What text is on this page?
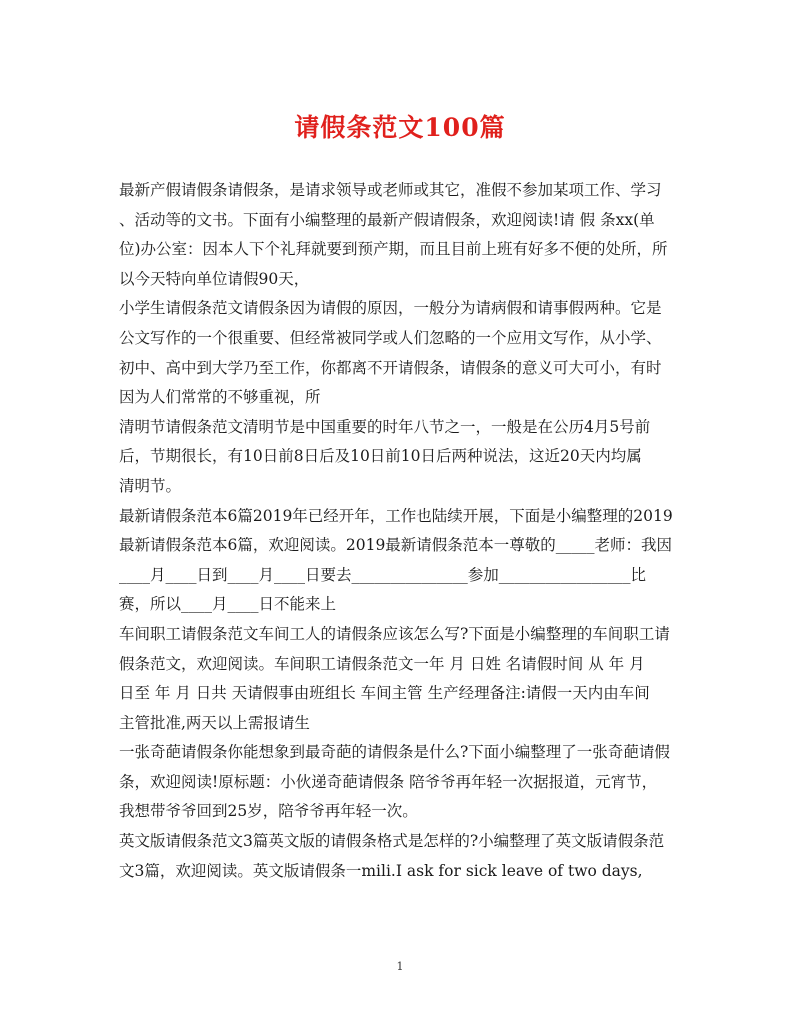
请假条范文100篇
最新产假请假条请假条，是请求领导或老师或其它，准假不参加某项工作、学习
、活动等的文书。下面有小编整理的最新产假请假条，欢迎阅读!请 假 条xx(单
位)办公室：因本人下个礼拜就要到预产期，而且目前上班有好多不便的处所，所
以今天特向单位请假90天，
小学生请假条范文请假条因为请假的原因，一般分为请病假和请事假两种。它是
公文写作的一个很重要、但经常被同学或人们忽略的一个应用文写作，从小学、
初中、高中到大学乃至工作，你都离不开请假条，请假条的意义可大可小，有时
因为人们常常的不够重视，所
清明节请假条范文清明节是中国重要的时年八节之一，一般是在公历4月5号前
后，节期很长，有10日前8日后及10日前10日后两种说法，这近20天内均属
清明节。
最新请假条范本6篇2019年已经开年，工作也陆续开展，下面是小编整理的2019
最新请假条范本6篇，欢迎阅读。2019最新请假条范本一尊敬的_____老师：我因
____月____日到____月____日要去_______________参加_________________比
赛，所以____月____日不能来上
车间职工请假条范文车间工人的请假条应该怎么写?下面是小编整理的车间职工请
假条范文，欢迎阅读。车间职工请假条范文一年 月 日姓 名请假时间 从 年 月
日至 年 月 日共 天请假事由班组长 车间主管 生产经理备注:请假一天内由车间
主管批准,两天以上需报请生
一张奇葩请假条你能想象到最奇葩的请假条是什么?下面小编整理了一张奇葩请假
条，欢迎阅读!原标题：小伙递奇葩请假条 陪爷爷再年轻一次据报道，元宵节，
我想带爷爷回到25岁，陪爷爷再年轻一次。
英文版请假条范文3篇英文版的请假条格式是怎样的?小编整理了英文版请假条范
文3篇，欢迎阅读。英文版请假条一mili.I ask for sick leave of two days,
1
